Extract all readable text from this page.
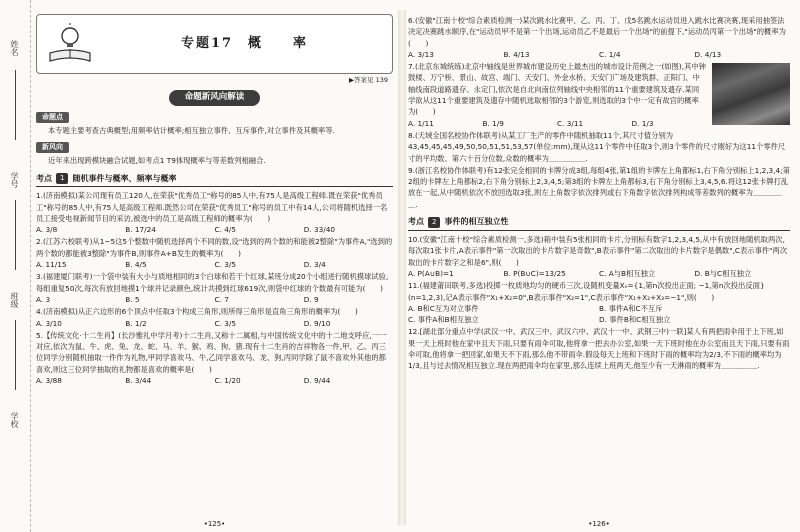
姓名
学号
班级
学校
专题17　概　　率
▶答案见 139
命题新风向解读
命题点
本专题主要考查古典概型;用频率估计概率;相互独立事件、互斥事件,对立事件及其概率等.
新风向
近年来出现跨模块融合试题,如考点1 T9体现概率与等差数列相融合.
考点	1	随机事件与概率、频率与概率
1.(济南模拟)某公司现有员工120人,在荣获"优秀员工"称号的85人中,有75人是高级工程师.既在荣获"优秀员工"称号的85人中,有75人是高级工程师.既然公司在荣获"优秀员工"称号的员工中有14人,公司将随机选择一名员工接受电视新闻节目的采访,被选中的员工是高级工程师的概率为(　　)
A. 3/8	B. 17/24	C. 4/5	D. 33/40
2.(江苏六校联考)从1~5这5个整数中随机选择两个不同的数,设"选到的两个数的和能被2整除"为事件A,"选到的两个数的都能被3整除"为事件B,则事件A+B发生的概率为(　　)
A. 11/15	B. 4/5	C. 3/5	D. 3/4
3.(福建厦门联考)一个袋中装有大小与质地相同的3个白球和若干个红球,某班分成20个小组进行随机摸球试验,每组重复50次,每次有放回地摸1个球并记录颜色,统计共摸到红球619次,则袋中红球的个数最有可能为(　　)
A. 3	B. 5	C. 7	D. 9
4.(济南模拟)从正六边形的6个顶点中任取3个构成三角形,则所得三角形是直角三角形的概率为(　　)
A. 3/10	B. 1/2	C. 3/5	D. 9/10
5.【传统文化·十二生肖】(长沙雅礼中学月考)十二生肖,又称十二属相,与中国传统文化中的十二地支呼应,一一对应,依次为鼠、牛、虎、兔、龙、蛇、马、羊、猴、鸡、狗、猪.现有十二生肖的吉祥物各一件,甲、乙、丙三位同学分别随机抽取一件作为礼物,甲同学喜欢马、牛,乙同学喜欢马、龙、狗,丙同学除了鼠不喜欢外其他的都喜欢,则这三位同学抽取的礼物都是喜欢的概率是(　　)
A. 3/88	B. 3/44	C. 1/20	D. 9/44
•125•
6.(安徽"江南十校"综合素质检测一)某次跳水比赛甲、乙、丙、丁、戊5名跳水运动员进入跳水比赛决赛,现采用抽签法决定决赛跳水顺序,在"运动员甲不是第一个出场,运动员乙不是最后一个出场"的前提下,"运动员丙第一个出场"的概率为(　　)
A. 3/13	B. 4/13	C. 1/4	D. 4/13
7.(北京东城统练)北京中轴线是世界城市建设历史上最杰出的城市设计范例之一(如图),其中钟鼓楼、万宁桥、景山、故宫、端门、天安门、外金水桥、天安门广场及建筑群、正阳门、中轴线南段道路遗存、永定门,依次是自北向南位列轴线中央相邻的11个重要建筑及遗存.某同学欲从这11个重要建筑及遗存中随机选取相邻的3个游览,则选取的3个中一定有故宫的概率为(　　)
A. 1/11	B. 1/9	C. 3/11	D. 1/3
8.(天域全国名校协作体联考)从某工厂生产的零件中随机抽取11个,其尺寸值分别为43,45,45,45,49,50,50,51,51,53,57(单位:mm),现从这11个零件中任取3个,则3个零件的尺寸刚好为这11个零件尺寸的平均数、第六十百分位数,众数的概率为＿＿＿＿＿.
9.(浙江名校协作体联考)有12张完全相同的卡牌分成3组,每组4张,第1组的卡牌左上角都标1,右下角分别标上1,2,3,4;第2组的卡牌左上角都标2,右下角分别标上2,3,4,5;第3组的卡牌左上角都标3,右下角分别标上3,4,5,6.将这12张卡牌打乱放在一起,从中随机依次不放回选取3张,则左上角数字依次排列或右下角数字依次排列构成等差数列的概率为＿＿＿＿＿.
考点	2	事件的相互独立性
10.(安徽"江南十校"综合素质检测一,多选)箱中装有5张相同的卡片,分别标有数字1,2,3,4,5,从中有放回地随机取两次,每次取1张卡片,A表示事件"第一次取出的卡片数字是奇数",B表示事件"第二次取出的卡片数字是偶数",C表示事件"两次取出的卡片数字之和是6",则(　　)
A. P(A∪B)=1	B. P(B∪C)=13/25	C. A与B相互独立	D. B与C相互独立
11.(福建莆田联考,多选)投掷一枚质地均匀的硬币三次,设随机变量Xₙ={1,第n次投出正面; −1,第n次投出反面}(n=1,2,3),记A表示事件"X₁+X₂=0",B表示事件"X₂=1",C表示事件"X₁+X₂+X₃=−1",则(　　)
A. B和C互为对立事件	B. 事件A和C不互斥
C. 事件A和B相互独立	D. 事件B和C相互独立
12.[湖北部分重点中学(武汉一中、武汉三中、武汉六中、武汉十一中、武钢三中)一联]某人有两把雨伞用于上下班,如果一天上班时他在家中且天下雨,只要有雨伞可取,他将拿一把去办公室,如果一天下班时他在办公室而且天下雨,只要有雨伞可取,他将拿一把回家,如果天不下雨,那么他不带雨伞.假设每天上班和下班时下雨的概率均为2/3,不下雨的概率均为1/3,且与过去情况相互独立.现在两把雨伞均在家里,那么连续上班两天,他至少有一天淋雨的概率为＿＿＿＿＿.
•126•
